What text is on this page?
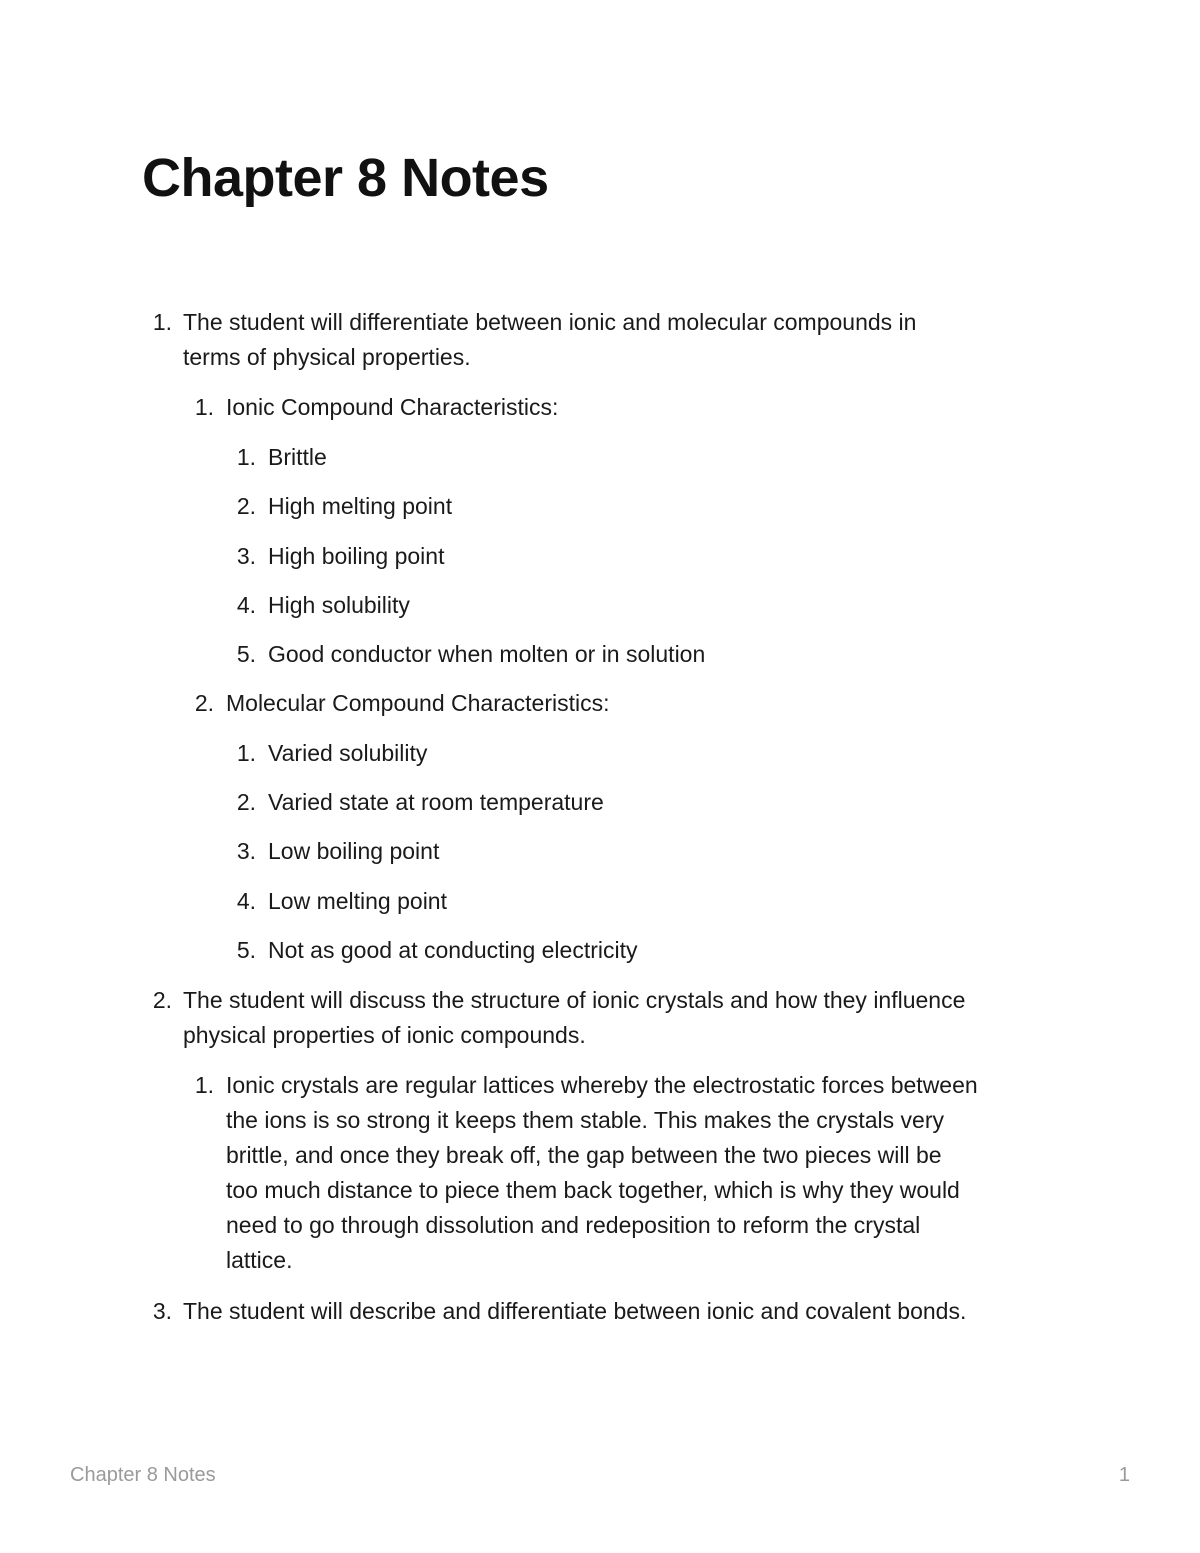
Chapter 8 Notes
1. The student will differentiate between ionic and molecular compounds in
terms of physical properties.
1. Ionic Compound Characteristics:
1. Brittle
2. High melting point
3. High boiling point
4. High solubility
5. Good conductor when molten or in solution
2. Molecular Compound Characteristics:
1. Varied solubility
2. Varied state at room temperature
3. Low boiling point
4. Low melting point
5. Not as good at conducting electricity
2. The student will discuss the structure of ionic crystals and how they influence
physical properties of ionic compounds.
1. Ionic crystals are regular lattices whereby the electrostatic forces between
the ions is so strong it keeps them stable. This makes the crystals very
brittle, and once they break off, the gap between the two pieces will be
too much distance to piece them back together, which is why they would
need to go through dissolution and redeposition to reform the crystal
lattice.
3. The student will describe and differentiate between ionic and covalent bonds.
Chapter 8 Notes	1
